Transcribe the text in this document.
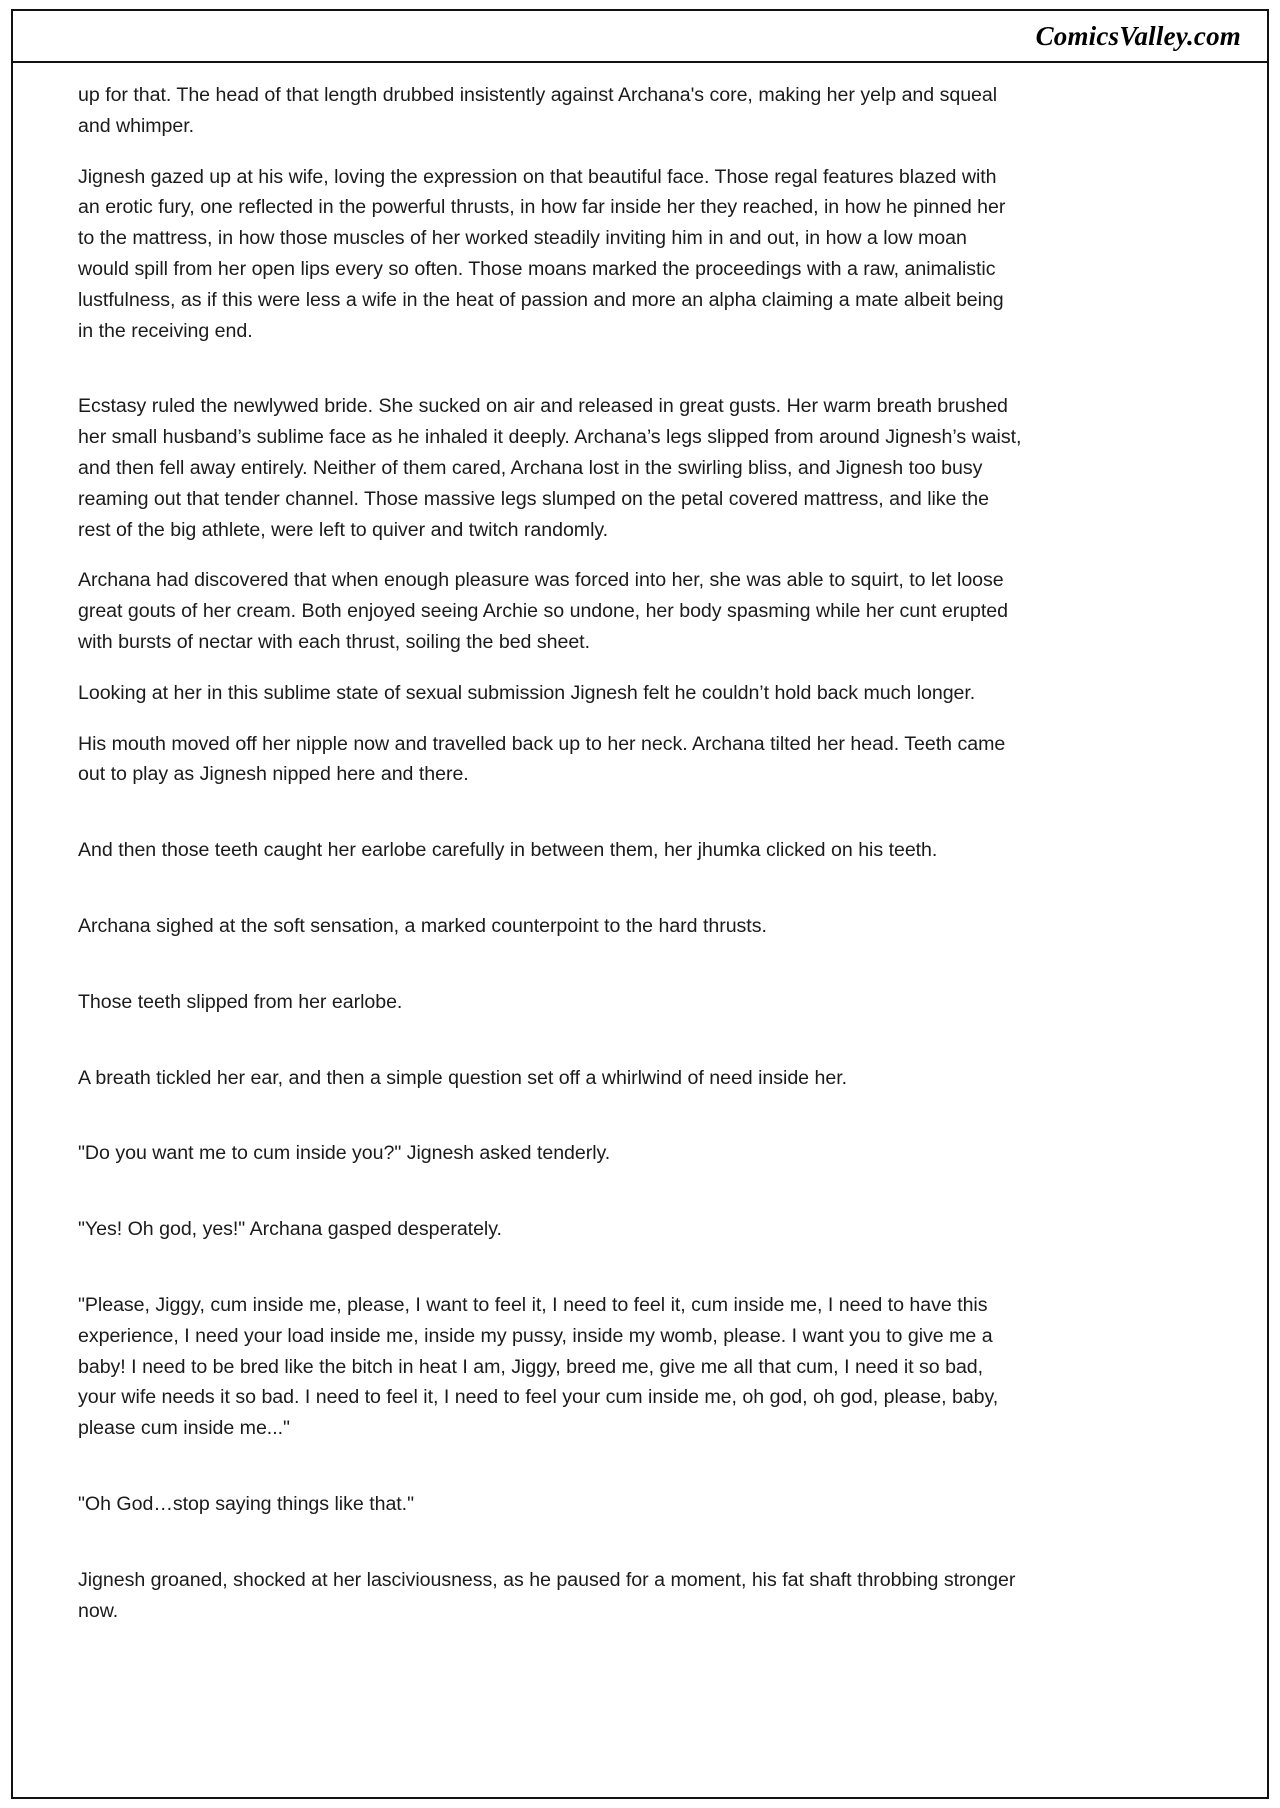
ComicsValley.com

up for that. The head of that length drubbed insistently against Archana's core, making her yelp and squeal and whimper.

Jignesh gazed up at his wife, loving the expression on that beautiful face. Those regal features blazed with an erotic fury, one reflected in the powerful thrusts, in how far inside her they reached, in how he pinned her to the mattress, in how those muscles of her worked steadily inviting him in and out, in how a low moan would spill from her open lips every so often. Those moans marked the proceedings with a raw, animalistic lustfulness, as if this were less a wife in the heat of passion and more an alpha claiming a mate albeit being in the receiving end.

Ecstasy ruled the newlywed bride. She sucked on air and released in great gusts. Her warm breath brushed her small husband’s sublime face as he inhaled it deeply. Archana’s legs slipped from around Jignesh’s waist, and then fell away entirely. Neither of them cared, Archana lost in the swirling bliss, and Jignesh too busy reaming out that tender channel. Those massive legs slumped on the petal covered mattress, and like the rest of the big athlete, were left to quiver and twitch randomly.

Archana had discovered that when enough pleasure was forced into her, she was able to squirt, to let loose great gouts of her cream. Both enjoyed seeing Archie so undone, her body spasming while her cunt erupted with bursts of nectar with each thrust, soiling the bed sheet.

Looking at her in this sublime state of sexual submission Jignesh felt he couldn’t hold back much longer.

His mouth moved off her nipple now and travelled back up to her neck. Archana tilted her head. Teeth came out to play as Jignesh nipped here and there.

And then those teeth caught her earlobe carefully in between them, her jhumka clicked on his teeth.

Archana sighed at the soft sensation, a marked counterpoint to the hard thrusts.

Those teeth slipped from her earlobe.

A breath tickled her ear, and then a simple question set off a whirlwind of need inside her.

"Do you want me to cum inside you?" Jignesh asked tenderly.

"Yes! Oh god, yes!" Archana gasped desperately.

"Please, Jiggy, cum inside me, please, I want to feel it, I need to feel it, cum inside me, I need to have this experience, I need your load inside me, inside my pussy, inside my womb, please. I want you to give me a baby! I need to be bred like the bitch in heat I am, Jiggy, breed me, give me all that cum, I need it so bad, your wife needs it so bad. I need to feel it, I need to feel your cum inside me, oh god, oh god, please, baby, please cum inside me..."

"Oh God…stop saying things like that."

Jignesh groaned, shocked at her lasciviousness, as he paused for a moment, his fat shaft throbbing stronger now.
